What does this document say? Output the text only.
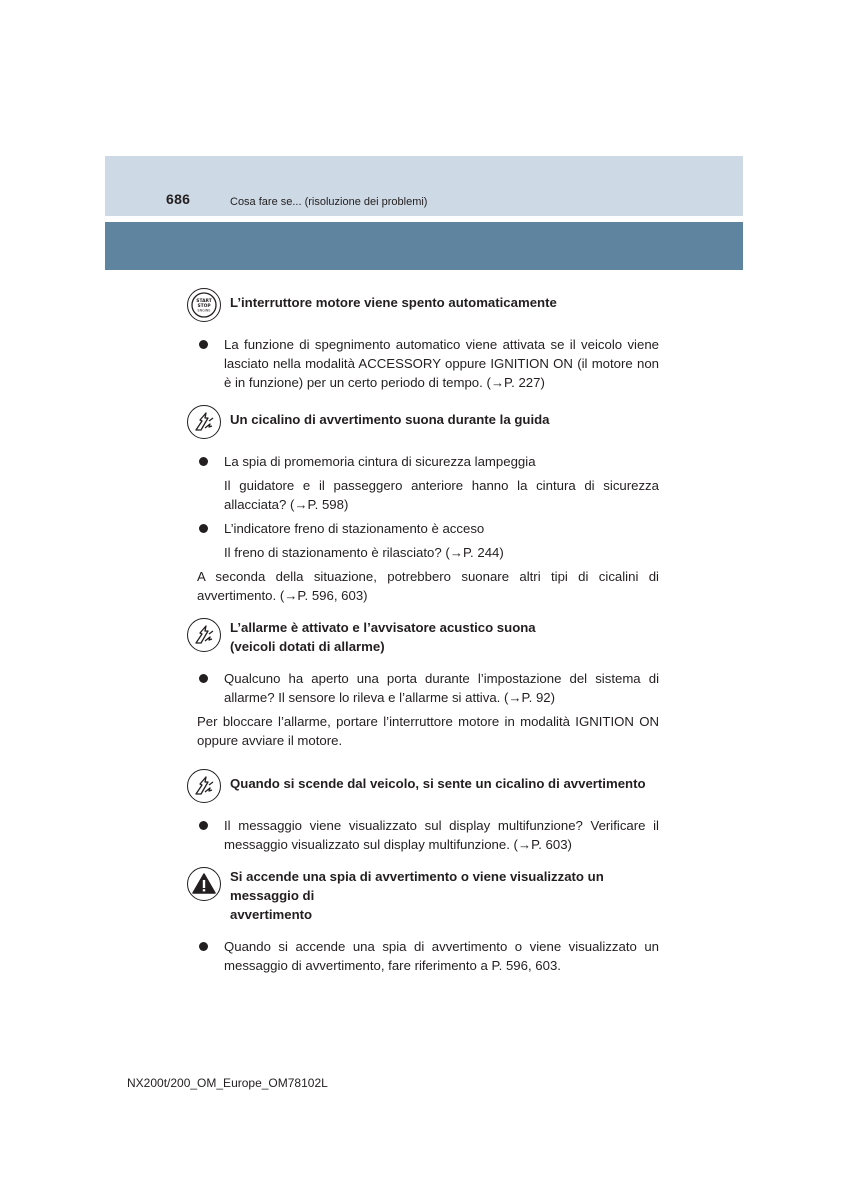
686	Cosa fare se... (risoluzione dei problemi)
START
STOP
ENGINE
L’interruttore motore viene spento automaticamente
La funzione di spegnimento automatico viene attivata se il veicolo viene lasciato nella modalità ACCESSORY oppure IGNITION ON (il motore non è in funzione) per un certo periodo di tempo. (→P. 227)
Un cicalino di avvertimento suona durante la guida
La spia di promemoria cintura di sicurezza lampeggia
Il guidatore e il passeggero anteriore hanno la cintura di sicurezza allacciata? (→P. 598)
L’indicatore freno di stazionamento è acceso
Il freno di stazionamento è rilasciato? (→P. 244)
A seconda della situazione, potrebbero suonare altri tipi di cicalini di avvertimento. (→P. 596, 603)
L’allarme è attivato e l’avvisatore acustico suona
(veicoli dotati di allarme)
Qualcuno ha aperto una porta durante l’impostazione del sistema di allarme? Il sensore lo rileva e l’allarme si attiva. (→P. 92)
Per bloccare l’allarme, portare l’interruttore motore in modalità IGNITION ON oppure avviare il motore.
Quando si scende dal veicolo, si sente un cicalino di avvertimento
Il messaggio viene visualizzato sul display multifunzione? Verificare il messaggio visualizzato sul display multifunzione. (→P. 603)
Si accende una spia di avvertimento o viene visualizzato un messaggio di
avvertimento
Quando si accende una spia di avvertimento o viene visualizzato un messaggio di avvertimento, fare riferimento a P. 596, 603.
NX200t/200_OM_Europe_OM78102L
